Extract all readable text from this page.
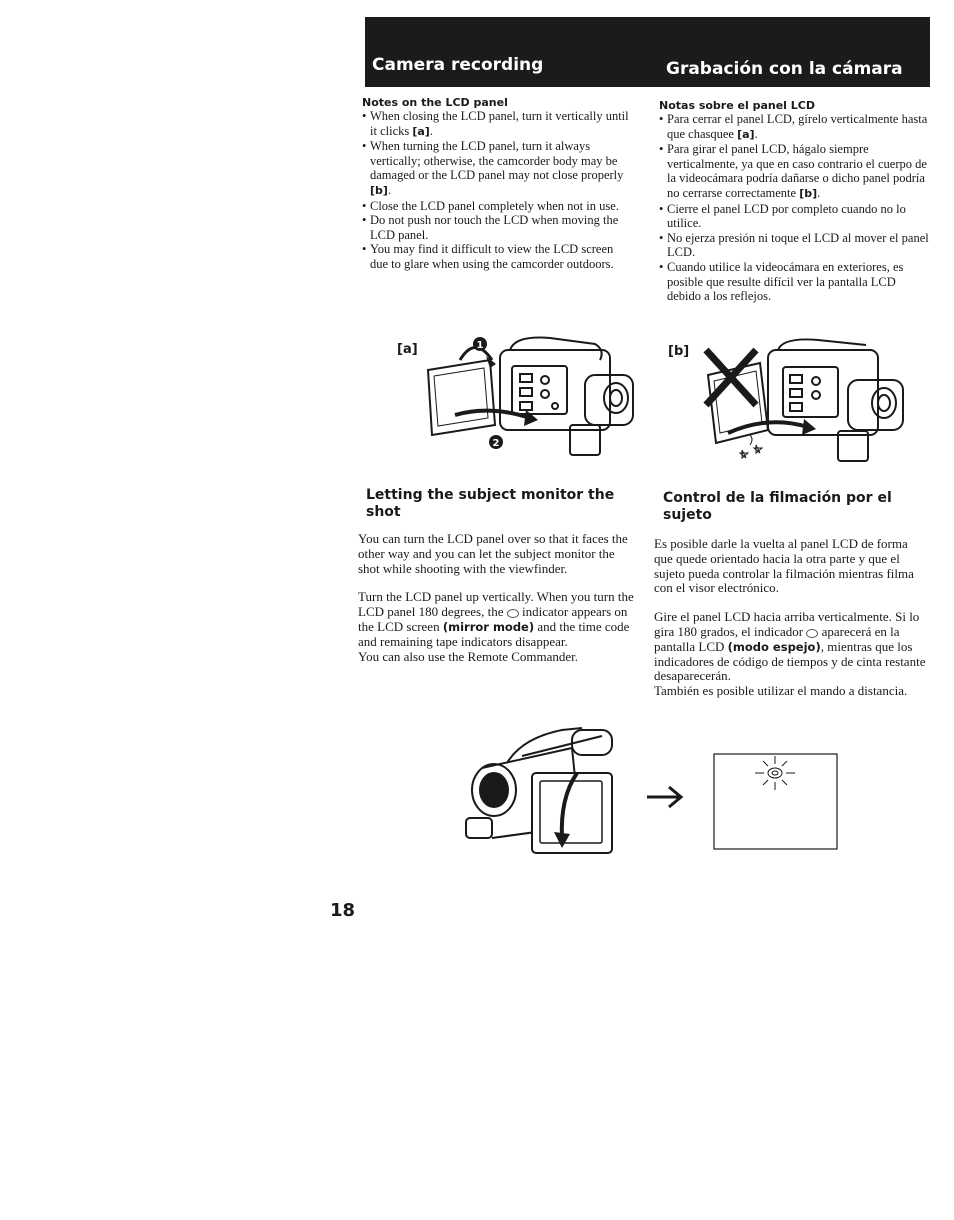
Camera recording	Grabación con la cámara
Notes on the LCD panel
• When closing the LCD panel, turn it vertically until it clicks [a].
• When turning the LCD panel, turn it always vertically; otherwise, the camcorder body may be damaged or the LCD panel may not close properly [b].
• Close the LCD panel completely when not in use.
• Do not push nor touch the LCD when moving the LCD panel.
• You may find it difficult to view the LCD screen due to glare when using the camcorder outdoors.
Notas sobre el panel LCD
• Para cerrar el panel LCD, gírelo verticalmente hasta que chasquee [a].
• Para girar el panel LCD, hágalo siempre verticalmente, ya que en caso contrario el cuerpo de la videocámara podría dañarse o dicho panel podría no cerrarse correctamente [b].
• Cierre el panel LCD por completo cuando no lo utilice.
• No ejerza presión ni toque el LCD al mover el panel LCD.
• Cuando utilice la videocámara en exteriores, es posible que resulte difícil ver la pantalla LCD debido a los reflejos.
[a]	1
2
[b]
Letting the subject monitor the shot
Control de la filmación por el sujeto

You can turn the LCD panel over so that it faces the other way and you can let the subject monitor the shot while shooting with the viewfinder.

Turn the LCD panel up vertically. When you turn the LCD panel 180 degrees, the  indicator appears on the LCD screen (mirror mode) and the time code and remaining tape indicators disappear.

You can also use the Remote Commander.

Es posible darle la vuelta al panel LCD de forma que quede orientado hacia la otra parte y que el sujeto pueda controlar la filmación mientras filma con el visor electrónico.

Gire el panel LCD hacia arriba verticalmente. Si lo gira 180 grados, el indicador  aparecerá en la pantalla LCD (modo espejo), mientras que los indicadores de código de tiempos y de cinta restante desaparecerán.

También es posible utilizar el mando a distancia.

18
